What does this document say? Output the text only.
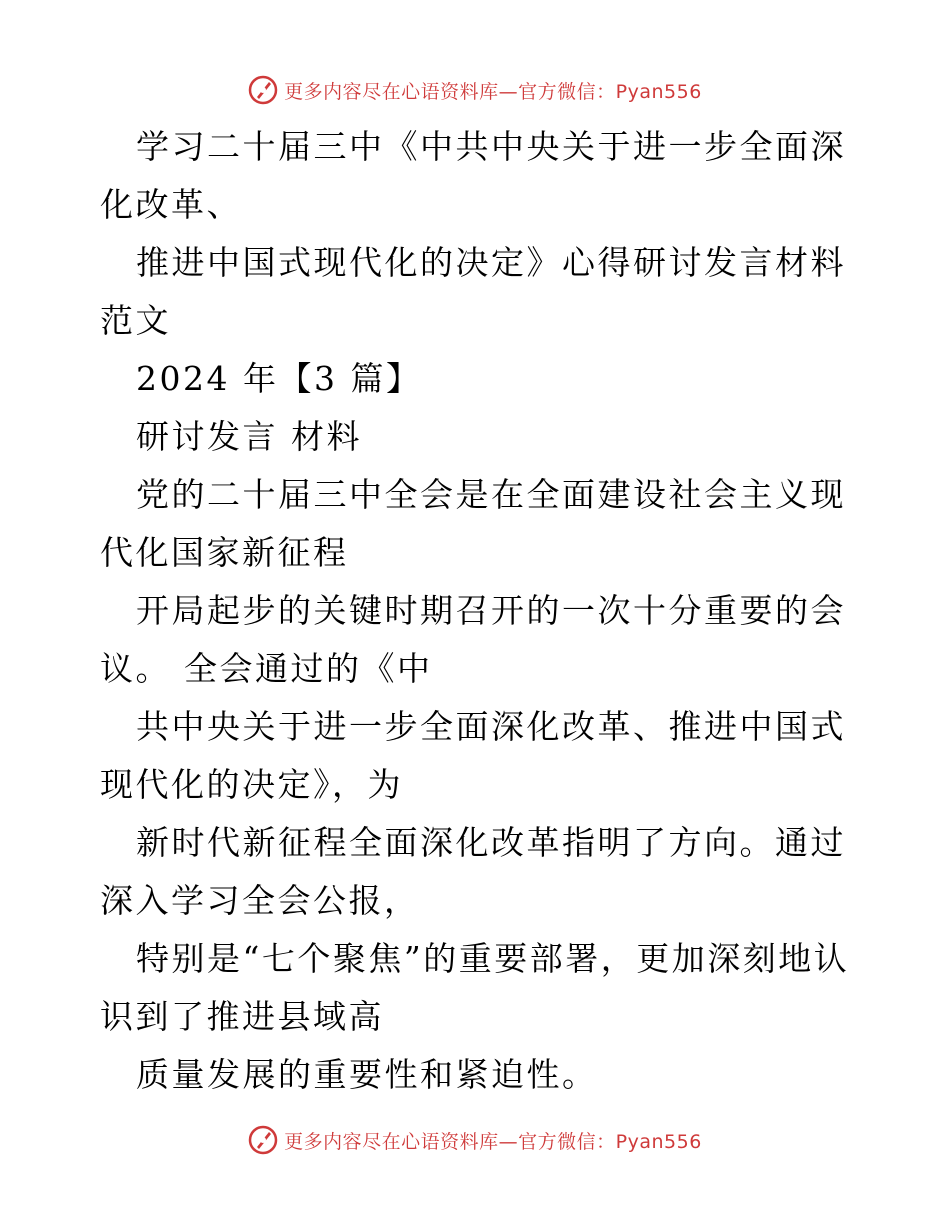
更多内容尽在心语资料库—官方微信：Pyan556

学习二十届三中《中共中央关于进一步全面深化改革、

推进中国式现代化的决定》心得研讨发言材料范文

2024 年【3 篇】

研讨发言 材料

党的二十届三中全会是在全面建设社会主义现代化国家新征程

开局起步的关键时期召开的一次十分重要的会议。 全会通过的《中

共中央关于进一步全面深化改革、推进中国式现代化的决定》，为

新时代新征程全面深化改革指明了方向。通过深入学习全会公报，

特别是“七个聚焦”的重要部署，更加深刻地认识到了推进县域高

质量发展的重要性和紧迫性。

更多内容尽在心语资料库—官方微信：Pyan556
